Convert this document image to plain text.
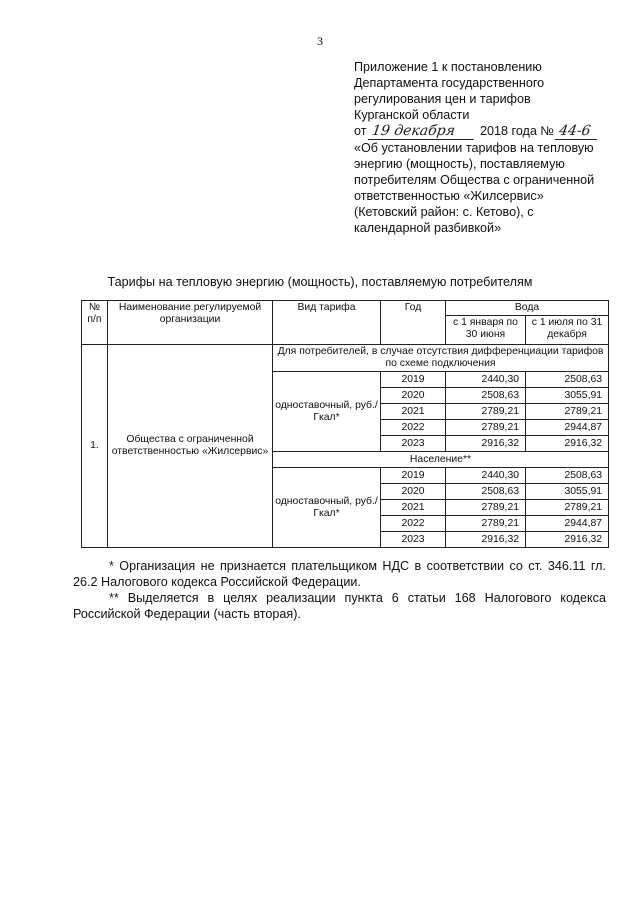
3
Приложение 1 к постановлению
Департамента государственного
регулирования цен и тарифов
Курганской области
от 19 декабря 2018 года № 44-6
«Об установлении тарифов на тепловую
энергию (мощность), поставляемую
потребителям Общества с ограниченной
ответственностью «Жилсервис»
(Кетовский район: с. Кетово), с
календарной разбивкой»
Тарифы на тепловую энергию (мощность), поставляемую потребителям
№ п/п	Наименование регулируемой организации	Вид тарифа	Год	Вода	
				с 1 января по 30 июня	с 1 июля по 31 декабря
1.	Общества с ограниченной ответственностью «Жилсервис»	Для потребителей, в случае отсутствия дифференциации тарифов по схеме подключения			
		одноставочный, руб./Гкал*	2019	2440,30	2508,63
			2020	2508,63	3055,91
			2021	2789,21	2789,21
			2022	2789,21	2944,87
			2023	2916,32	2916,32
		Население**			
		одноставочный, руб./Гкал*	2019	2440,30	2508,63
			2020	2508,63	3055,91
			2021	2789,21	2789,21
			2022	2789,21	2944,87
			2023	2916,32	2916,32

* Организация не признается плательщиком НДС в соответствии со ст. 346.11 гл. 26.2 Налогового кодекса Российской Федерации.

** Выделяется в целях реализации пункта 6 статьи 168 Налогового кодекса Российской Федерации (часть вторая).
